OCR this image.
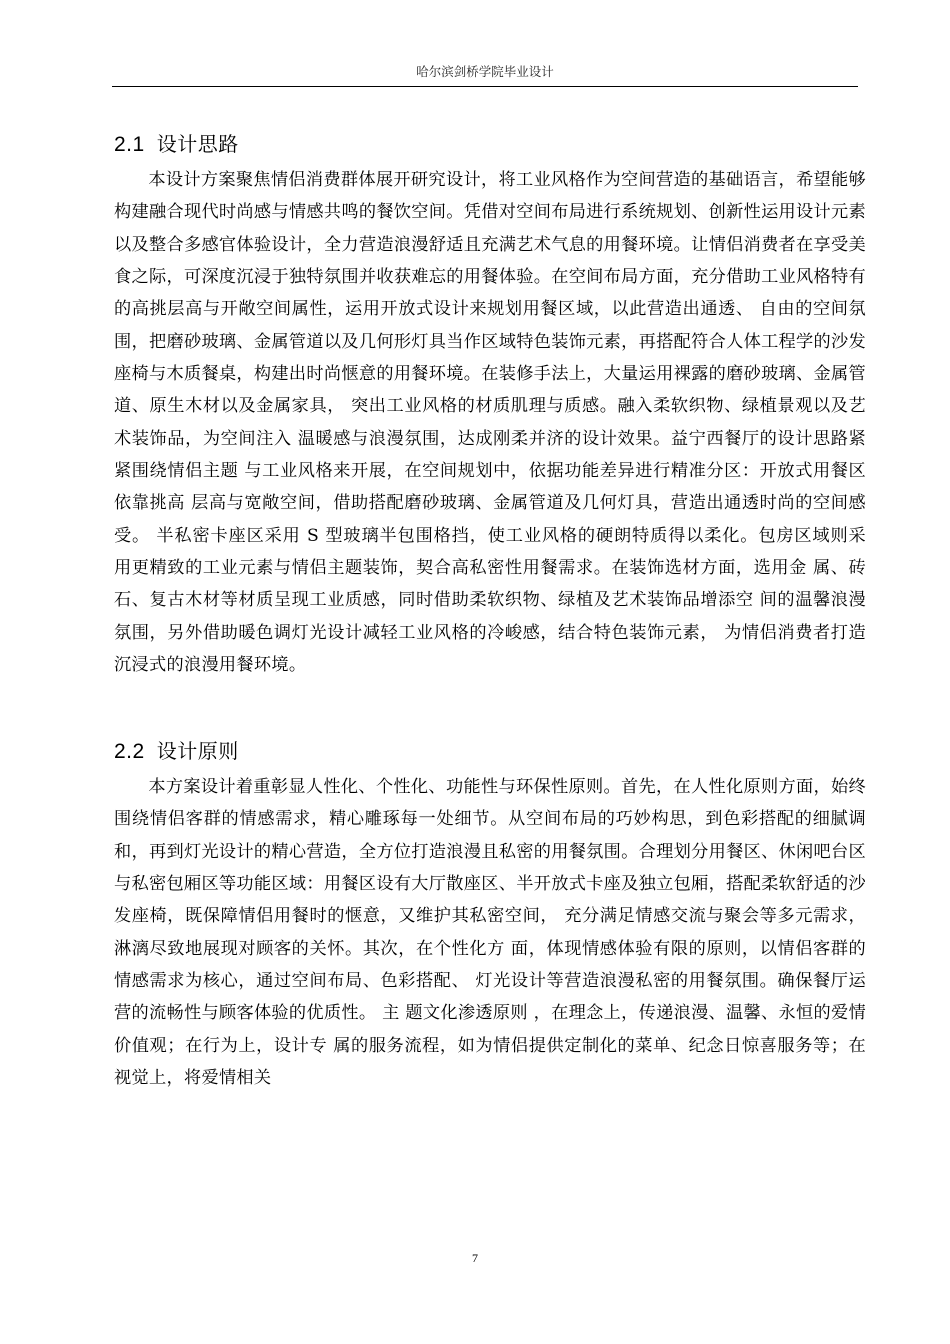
哈尔滨剑桥学院毕业设计
2.1 设计思路

本设计方案聚焦情侣消费群体展开研究设计，将工业风格作为空间营造的基础语言，希望能够构建融合现代时尚感与情感共鸣的餐饮空间。凭借对空间布局进行系统规划、创新性运用设计元素以及整合多感官体验设计，全力营造浪漫舒适且充满艺术气息的用餐环境。让情侣消费者在享受美食之际，可深度沉浸于独特氛围并收获难忘的用餐体验。在空间布局方面，充分借助工业风格特有的高挑层高与开敞空间属性，运用开放式设计来规划用餐区域，以此营造出通透、 自由的空间氛围，把磨砂玻璃、金属管道以及几何形灯具当作区域特色装饰元素，再搭配符合人体工程学的沙发座椅与木质餐桌，构建出时尚惬意的用餐环境。在装修手法上，大量运用裸露的磨砂玻璃、金属管道、原生木材以及金属家具， 突出工业风格的材质肌理与质感。融入柔软织物、绿植景观以及艺术装饰品，为空间注入 温暖感与浪漫氛围，达成刚柔并济的设计效果。益宁西餐厅的设计思路紧紧围绕情侣主题 与工业风格来开展，在空间规划中，依据功能差异进行精准分区：开放式用餐区依靠挑高 层高与宽敞空间，借助搭配磨砂玻璃、金属管道及几何灯具，营造出通透时尚的空间感受。 半私密卡座区采用 S 型玻璃半包围格挡，使工业风格的硬朗特质得以柔化。包房区域则采 用更精致的工业元素与情侣主题装饰，契合高私密性用餐需求。在装饰选材方面，选用金 属、砖石、复古木材等材质呈现工业质感，同时借助柔软织物、绿植及艺术装饰品增添空 间的温馨浪漫氛围，另外借助暖色调灯光设计减轻工业风格的冷峻感，结合特色装饰元素， 为情侣消费者打造沉浸式的浪漫用餐环境。

2.2 设计原则

本方案设计着重彰显人性化、个性化、功能性与环保性原则。首先，在人性化原则方面，始终围绕情侣客群的情感需求，精心雕琢每一处细节。从空间布局的巧妙构思，到色彩搭配的细腻调和，再到灯光设计的精心营造，全方位打造浪漫且私密的用餐氛围。合理划分用餐区、休闲吧台区与私密包厢区等功能区域：用餐区设有大厅散座区、半开放式卡座及独立包厢，搭配柔软舒适的沙发座椅，既保障情侣用餐时的惬意，又维护其私密空间， 充分满足情感交流与聚会等多元需求，淋漓尽致地展现对顾客的关怀。其次，在个性化方 面，体现情感体验有限的原则，以情侣客群的情感需求为核心，通过空间布局、色彩搭配、 灯光设计等营造浪漫私密的用餐氛围。确保餐厅运营的流畅性与顾客体验的优质性。 主 题文化渗透原则 ，在理念上，传递浪漫、温馨、永恒的爱情价值观；在行为上，设计专 属的服务流程，如为情侣提供定制化的菜单、纪念日惊喜服务等；在视觉上，将爱情相关

7
